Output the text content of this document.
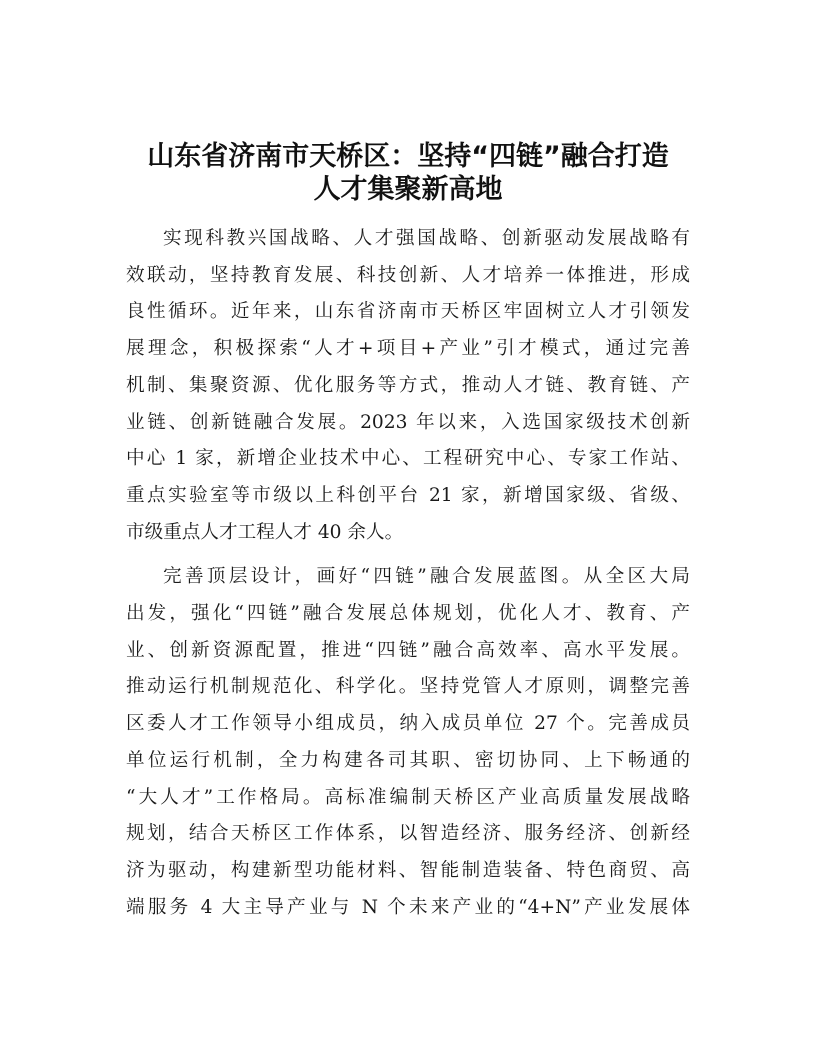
山东省济南市天桥区：坚持“四链”融合打造
人才集聚新高地
实现科教兴国战略、人才强国战略、创新驱动发展战略有
效联动，坚持教育发展、科技创新、人才培养一体推进，形成
良性循环。近年来，山东省济南市天桥区牢固树立人才引领发
展理念，积极探索“人才+项目+产业”引才模式，通过完善
机制、集聚资源、优化服务等方式，推动人才链、教育链、产
业链、创新链融合发展。2023 年以来，入选国家级技术创新
中心 1 家，新增企业技术中心、工程研究中心、专家工作站、
重点实验室等市级以上科创平台 21 家，新增国家级、省级、
市级重点人才工程人才 40 余人。
完善顶层设计，画好“四链”融合发展蓝图。从全区大局
出发，强化“四链”融合发展总体规划，优化人才、教育、产
业、创新资源配置，推进“四链”融合高效率、高水平发展。
推动运行机制规范化、科学化。坚持党管人才原则，调整完善
区委人才工作领导小组成员，纳入成员单位 27 个。完善成员
单位运行机制，全力构建各司其职、密切协同、上下畅通的
“大人才”工作格局。高标准编制天桥区产业高质量发展战略
规划，结合天桥区工作体系，以智造经济、服务经济、创新经
济为驱动，构建新型功能材料、智能制造装备、特色商贸、高
端服务 4 大主导产业与 N 个未来产业的“4+N”产业发展体
